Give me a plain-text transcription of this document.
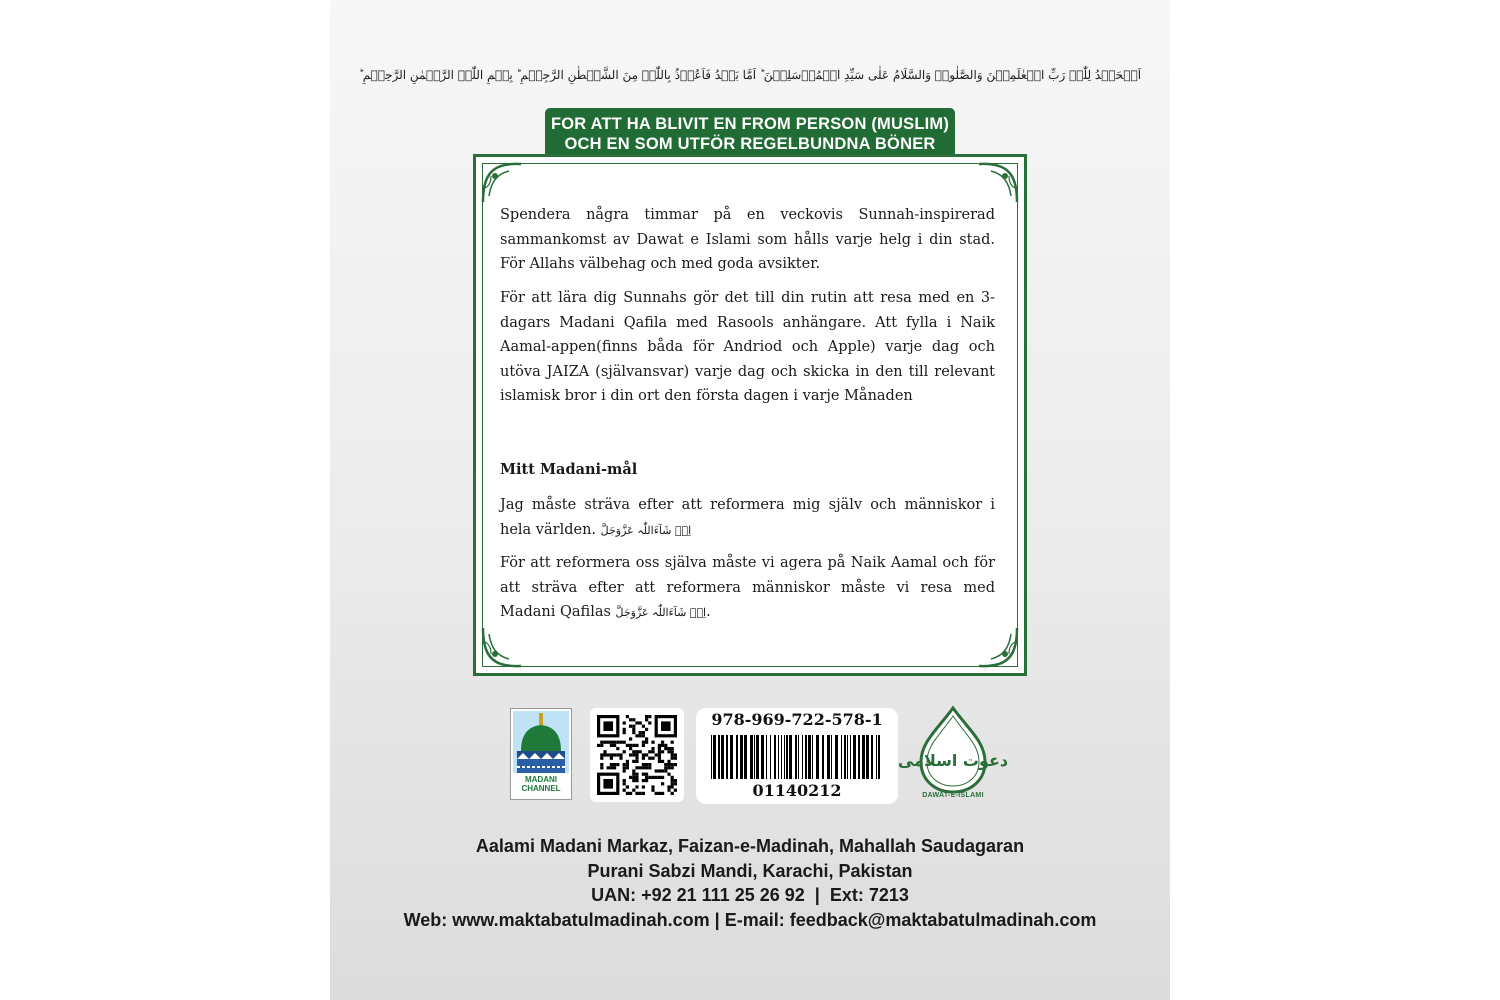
اَلۡحَمۡدُ لِلّٰہِ رَبِّ الۡعٰلَمِیۡنَ وَالصَّلٰوۃُ وَالسَّلَامُ عَلٰی سَیِّدِ الۡمُرۡسَلِیۡنَ ؕ اَمَّا بَعۡدُ فَاَعُوۡذُ بِاللّٰہِ مِنَ الشَّیۡطٰنِ الرَّجِیۡمِ ؕ بِسۡمِ اللّٰہِ الرَّحۡمٰنِ الرَّحِیۡمِ ؕ
FOR ATT HA BLIVIT EN FROM PERSON (MUSLIM)
OCH EN SOM UTFÖR REGELBUNDNA BÖNER

Spendera några timmar på en veckovis Sunnah-inspirerad sammankomst av Dawat e Islami som hålls varje helg i din stad. För Allahs välbehag och med goda avsikter.

För att lära dig Sunnahs gör det till din rutin att resa med en 3-dagars Madani Qafila med Rasools anhängare. Att fylla i Naik Aamal-appen(finns båda för Andriod och Apple) varje dag och utöva JAIZA (självansvar) varje dag och skicka in den till relevant islamisk bror i din ort den första dagen i varje Månaden

Mitt Madani-mål

Jag måste sträva efter att reformera mig själv och människor i hela världen. اِنۡ شَآءَاللّٰہ عَزَّوَجَلَّ

För att reformera oss själva måste vi agera på Naik Aamal och för att sträva efter att reformera människor måste vi resa med Madani Qafilas اِنۡ شَآءَاللّٰہ عَزَّوَجَلَّ.

MADANI CHANNEL
978-969-722-578-1
01140212
دعوت اسلامی
DAWAT-E-ISLAMI
Aalami Madani Markaz, Faizan-e-Madinah, Mahallah Saudagaran
Purani Sabzi Mandi, Karachi, Pakistan
UAN: +92 21 111 25 26 92 | Ext: 7213
Web: www.maktabatulmadinah.com | E-mail: feedback@maktabatulmadinah.com
